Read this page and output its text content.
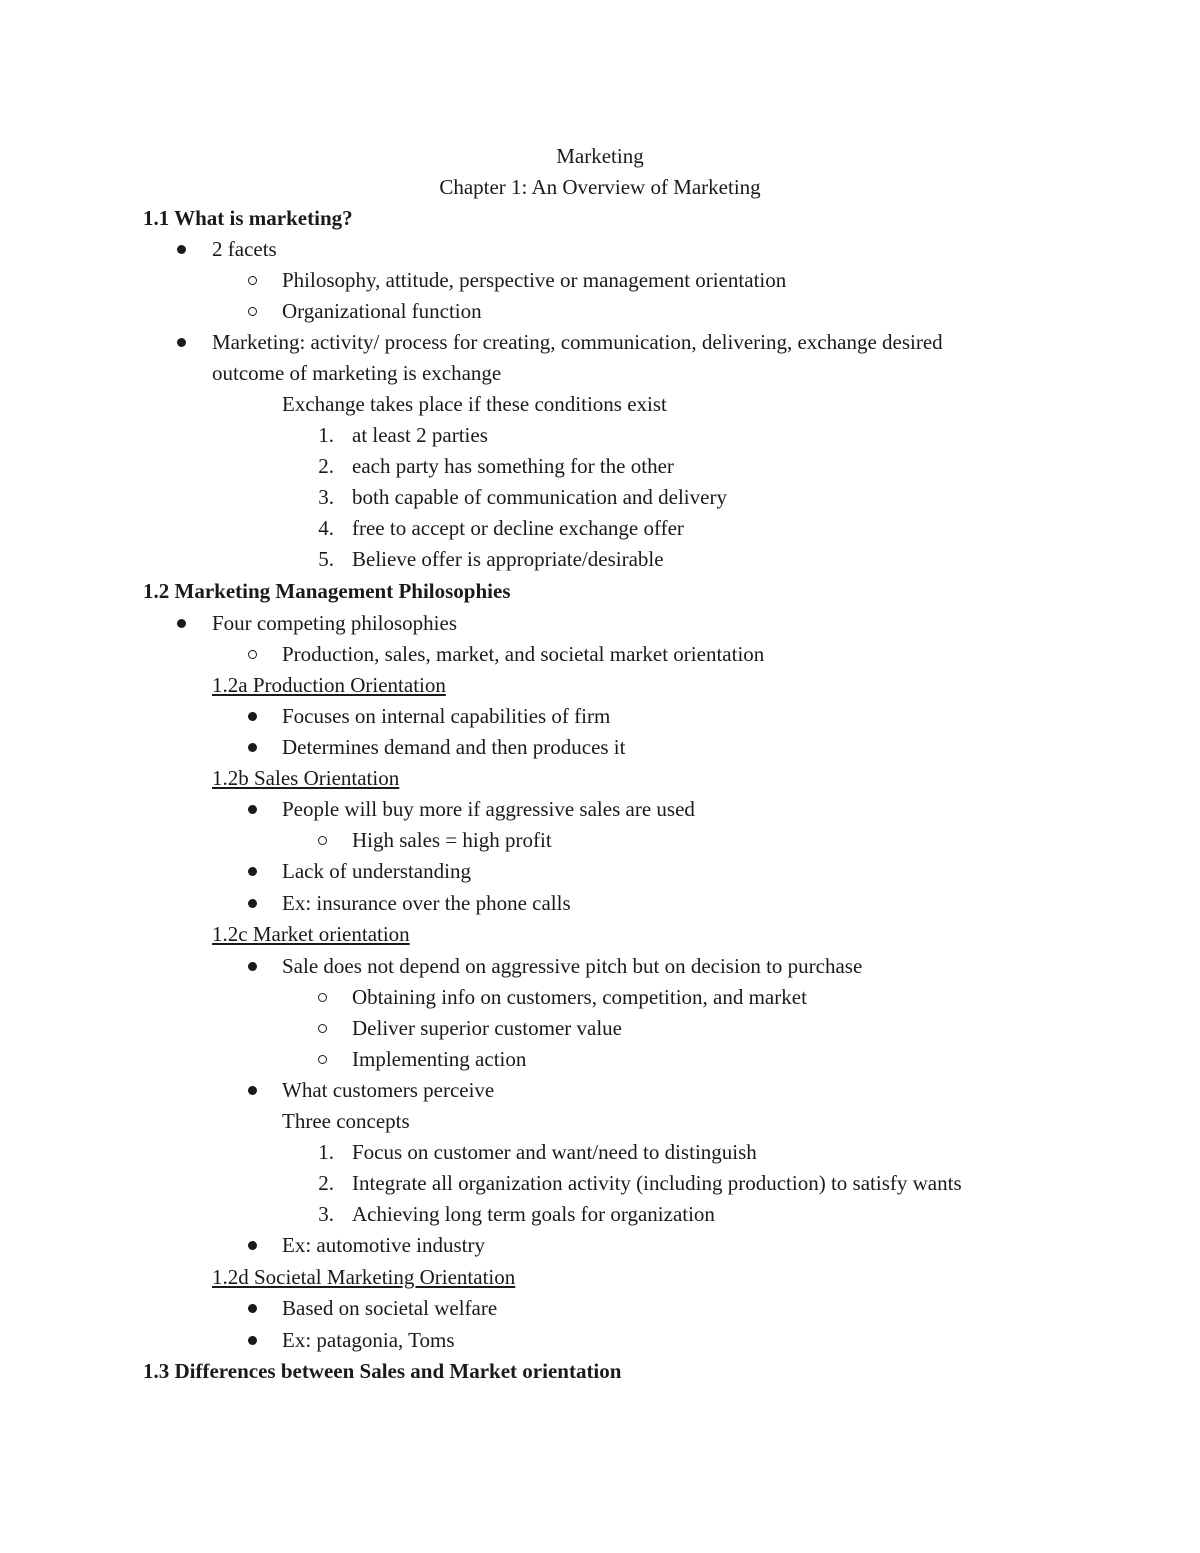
Marketing
Chapter 1: An Overview of Marketing
1.1 What is marketing?
2 facets
Philosophy, attitude, perspective or management orientation
Organizational function
Marketing: activity/ process for creating, communication, delivering, exchange desired
outcome of marketing is exchange
Exchange takes place if these conditions exist
1. at least 2 parties
2. each party has something for the other
3. both capable of communication and delivery
4. free to accept or decline exchange offer
5. Believe offer is appropriate/desirable
1.2 Marketing Management Philosophies
Four competing philosophies
Production, sales, market, and societal market orientation
1.2a Production Orientation
Focuses on internal capabilities of firm
Determines demand and then produces it
1.2b Sales Orientation
People will buy more if aggressive sales are used
High sales = high profit
Lack of understanding
Ex: insurance over the phone calls
1.2c Market orientation
Sale does not depend on aggressive pitch but on decision to purchase
Obtaining info on customers, competition, and market
Deliver superior customer value
Implementing action
What customers perceive
Three concepts
1. Focus on customer and want/need to distinguish
2. Integrate all organization activity (including production) to satisfy wants
3. Achieving long term goals for organization
Ex: automotive industry
1.2d Societal Marketing Orientation
Based on societal welfare
Ex: patagonia, Toms
1.3 Differences between Sales and Market orientation
